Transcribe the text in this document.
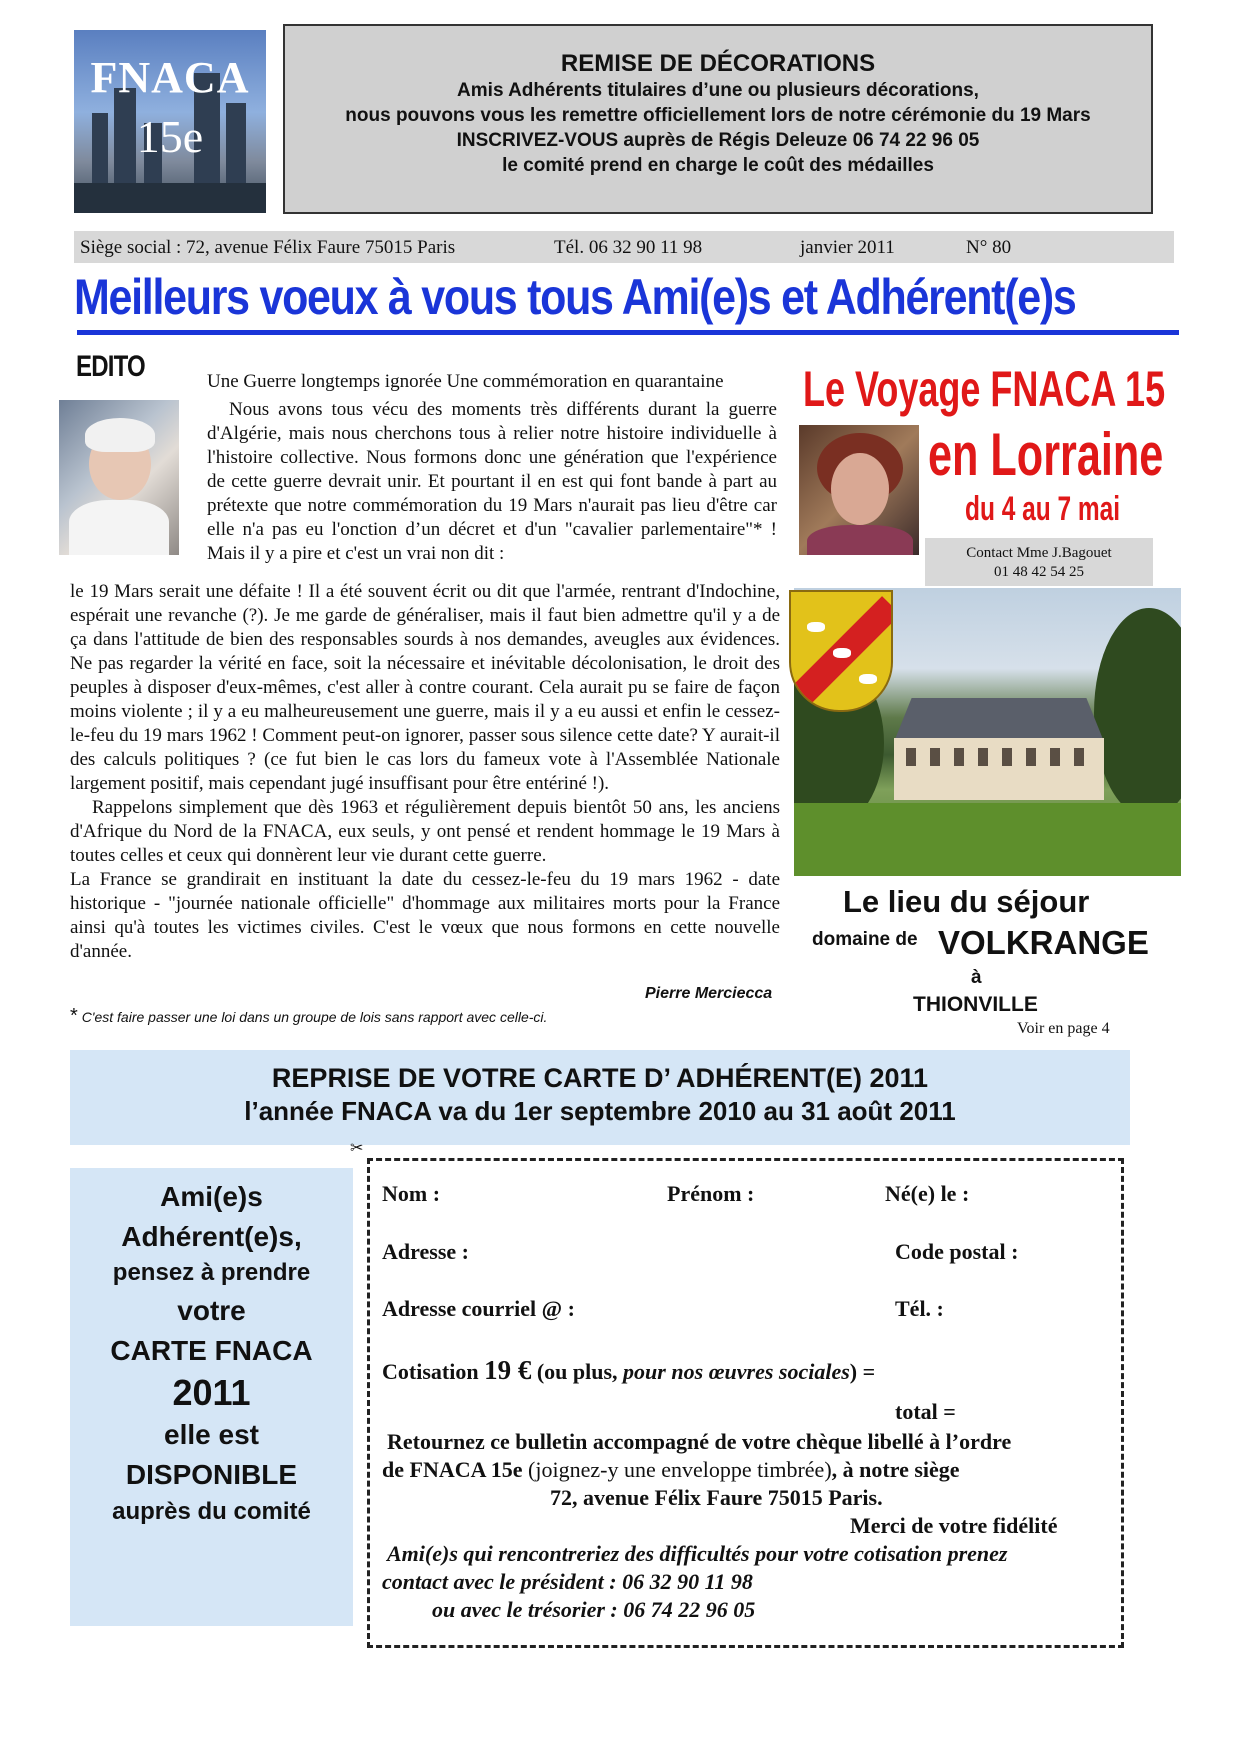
FNACA
15e
REMISE DE DÉCORATIONS
Amis Adhérents titulaires d’une ou plusieurs décorations,
nous pouvons vous les remettre officiellement lors de notre cérémonie du 19 Mars
INSCRIVEZ-VOUS auprès de Régis Deleuze 06 74 22 96 05
le comité prend en charge le coût des médailles
Siège social : 72, avenue Félix Faure 75015 Paris	Tél. 06 32 90 11 98	janvier 2011	N° 80
Meilleurs voeux à vous tous Ami(e)s et Adhérent(e)s
EDITO	Une Guerre longtemps ignorée Une commémoration en quarantaine

Nous avons tous vécu des moments très différents durant la guerre d'Algérie, mais nous cherchons tous à relier notre histoire individuelle à l'histoire collective. Nous formons donc une génération que l'expérience de cette guerre devrait unir. Et pourtant il en est qui font bande à part au prétexte que notre commémoration du 19 Mars n'aurait pas lieu d'être car elle n'a pas eu l'onction d’un décret et d'un "cavalier parlementaire"* ! Mais il y a pire et c'est un vrai non dit :

le 19 Mars serait une défaite ! Il a été souvent écrit ou dit que l'armée, rentrant d'Indochine, espérait une revanche (?). Je me garde de généraliser, mais il faut bien admettre qu'il y a de ça dans l'attitude de bien des responsables sourds à nos demandes, aveugles aux évidences. Ne pas regarder la vérité en face, soit la nécessaire et inévitable décolonisation, le droit des peuples à disposer d'eux-mêmes, c'est aller à contre courant. Cela aurait pu se faire de façon moins violente ; il y a eu malheureusement une guerre, mais il y a eu aussi et enfin le cessez-le-feu du 19 mars 1962 ! Comment peut-on ignorer, passer sous silence cette date? Y aurait-il des calculs politiques ? (ce fut bien le cas lors du fameux vote à l'Assemblée Nationale largement positif, mais cependant jugé insuffisant pour être entériné !).

Rappelons simplement que dès 1963 et régulièrement depuis bientôt 50 ans, les anciens d'Afrique du Nord de la FNACA, eux seuls, y ont pensé et rendent hommage le 19 Mars à toutes celles et ceux qui donnèrent leur vie durant cette guerre.

La France se grandirait en instituant la date du cessez-le-feu du 19 mars 1962 - date historique - "journée nationale officielle" d'hommage aux militaires morts pour la France ainsi qu'à toutes les victimes civiles. C'est le vœux que nous formons en cette nouvelle d'année.

Pierre Merciecca
* C'est faire passer une loi dans un groupe de lois sans rapport avec celle-ci.
Le Voyage FNACA 15
en Lorraine
du 4 au 7 mai
Contact Mme J.Bagouet
01 48 42 54 25
Le lieu du séjour
domaine de VOLKRANGE
à
THIONVILLE
Voir en page 4
REPRISE DE VOTRE CARTE D’ ADHÉRENT(E) 2011
l’année FNACA va du 1er septembre 2010 au 31 août 2011
✂
Ami(e)s
Adhérent(e)s,
pensez à prendre
votre
CARTE FNACA
2011
elle est
DISPONIBLE
auprès du comité
Nom :	Prénom :	Né(e) le :
Adresse :	Code postal :
Adresse courriel @ :	Tél. :
Cotisation 19 € (ou plus, pour nos œuvres sociales) =
total =
Retournez ce bulletin accompagné de votre chèque libellé à l’ordre
de FNACA 15e (joignez-y une enveloppe timbrée), à notre siège
72, avenue Félix Faure 75015 Paris.
Merci de votre fidélité
Ami(e)s qui rencontreriez des difficultés pour votre cotisation prenez
contact avec le président : 06 32 90 11 98
ou avec le trésorier : 06 74 22 96 05
